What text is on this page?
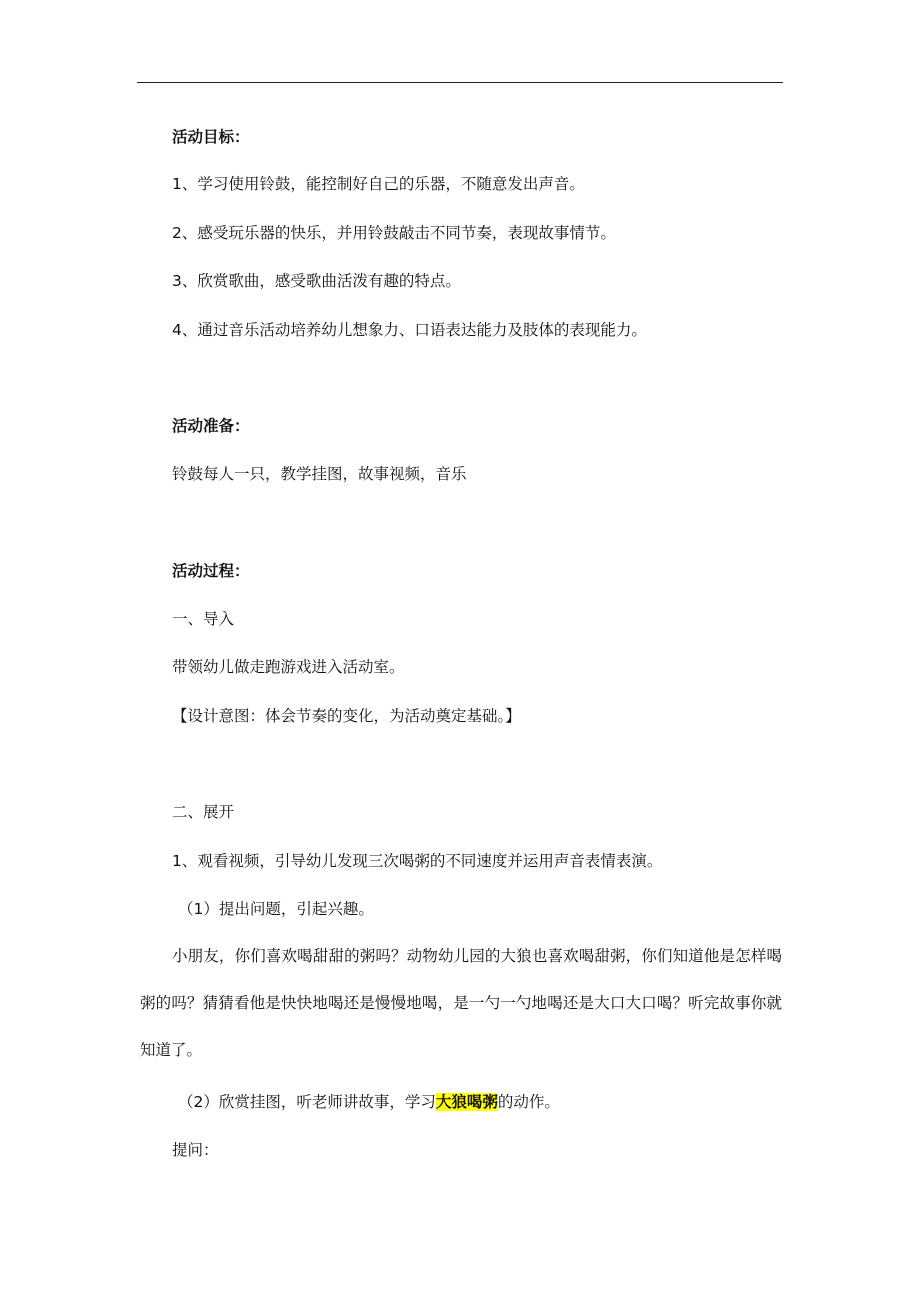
活动目标：
1、学习使用铃鼓，能控制好自己的乐器，不随意发出声音。
2、感受玩乐器的快乐，并用铃鼓敲击不同节奏，表现故事情节。
3、欣赏歌曲，感受歌曲活泼有趣的特点。
4、通过音乐活动培养幼儿想象力、口语表达能力及肢体的表现能力。
活动准备：
铃鼓每人一只，教学挂图，故事视频，音乐
活动过程：
一、导入
带领幼儿做走跑游戏进入活动室。
【设计意图：体会节奏的变化，为活动奠定基础。】
二、展开
1、观看视频，引导幼儿发现三次喝粥的不同速度并运用声音表情表演。
（1）提出问题，引起兴趣。
小朋友，你们喜欢喝甜甜的粥吗？动物幼儿园的大狼也喜欢喝甜粥，你们知道他是怎样喝粥的吗？猜猜看他是快快地喝还是慢慢地喝，是一勺一勺地喝还是大口大口喝？听完故事你就知道了。
（2）欣赏挂图，听老师讲故事，学习大狼喝粥的动作。
提问：
